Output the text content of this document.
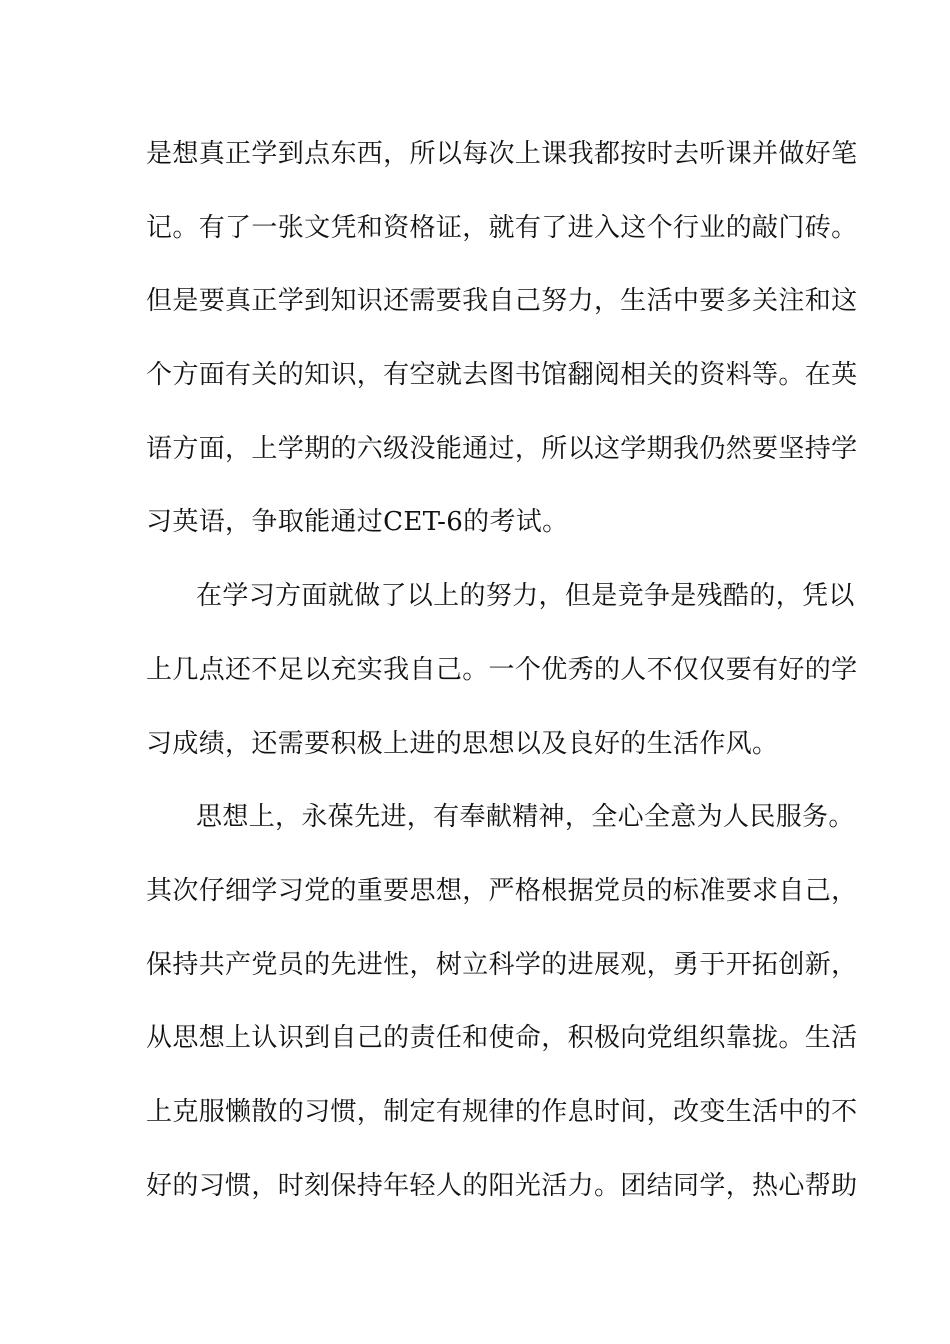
是想真正学到点东西，所以每次上课我都按时去听课并做好笔
记。有了一张文凭和资格证，就有了进入这个行业的敲门砖。
但是要真正学到知识还需要我自己努力，生活中要多关注和这
个方面有关的知识，有空就去图书馆翻阅相关的资料等。在英
语方面，上学期的六级没能通过，所以这学期我仍然要坚持学
习英语，争取能通过CET-6的考试。
在学习方面就做了以上的努力，但是竞争是残酷的，凭以
上几点还不足以充实我自己。一个优秀的人不仅仅要有好的学
习成绩，还需要积极上进的思想以及良好的生活作风。
思想上，永葆先进，有奉献精神，全心全意为人民服务。
其次仔细学习党的重要思想，严格根据党员的标准要求自己，
保持共产党员的先进性，树立科学的进展观，勇于开拓创新，
从思想上认识到自己的责任和使命，积极向党组织靠拢。生活
上克服懒散的习惯，制定有规律的作息时间，改变生活中的不
好的习惯，时刻保持年轻人的阳光活力。团结同学，热心帮助
